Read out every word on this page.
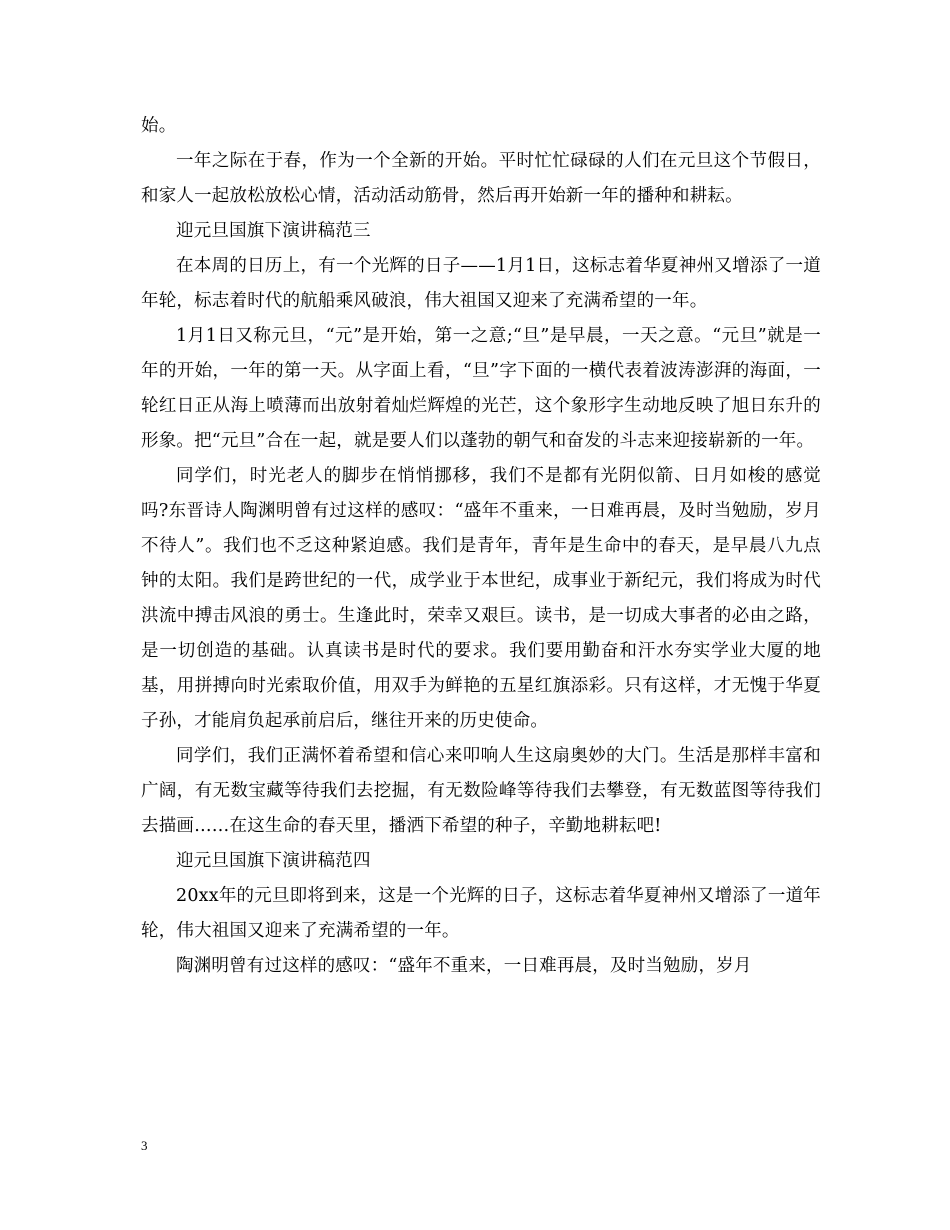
始。

一年之际在于春，作为一个全新的开始。平时忙忙碌碌的人们在元旦这个节假日，和家人一起放松放松心情，活动活动筋骨，然后再开始新一年的播种和耕耘。

迎元旦国旗下演讲稿范三

在本周的日历上，有一个光辉的日子——1月1日，这标志着华夏神州又增添了一道年轮，标志着时代的航船乘风破浪，伟大祖国又迎来了充满希望的一年。

1月1日又称元旦，“元”是开始，第一之意;“旦”是早晨，一天之意。“元旦”就是一年的开始，一年的第一天。从字面上看，“旦”字下面的一横代表着波涛澎湃的海面，一轮红日正从海上喷薄而出放射着灿烂辉煌的光芒，这个象形字生动地反映了旭日东升的形象。把“元旦”合在一起，就是要人们以蓬勃的朝气和奋发的斗志来迎接崭新的一年。

同学们，时光老人的脚步在悄悄挪移，我们不是都有光阴似箭、日月如梭的感觉吗?东晋诗人陶渊明曾有过这样的感叹：“盛年不重来，一日难再晨，及时当勉励，岁月不待人”。我们也不乏这种紧迫感。我们是青年，青年是生命中的春天，是早晨八九点钟的太阳。我们是跨世纪的一代，成学业于本世纪，成事业于新纪元，我们将成为时代洪流中搏击风浪的勇士。生逢此时，荣幸又艰巨。读书，是一切成大事者的必由之路，是一切创造的基础。认真读书是时代的要求。我们要用勤奋和汗水夯实学业大厦的地基，用拼搏向时光索取价值，用双手为鲜艳的五星红旗添彩。只有这样，才无愧于华夏子孙，才能肩负起承前启后，继往开来的历史使命。

同学们，我们正满怀着希望和信心来叩响人生这扇奥妙的大门。生活是那样丰富和广阔，有无数宝藏等待我们去挖掘，有无数险峰等待我们去攀登，有无数蓝图等待我们去描画……在这生命的春天里，播洒下希望的种子，辛勤地耕耘吧!

迎元旦国旗下演讲稿范四

20xx年的元旦即将到来，这是一个光辉的日子，这标志着华夏神州又增添了一道年轮，伟大祖国又迎来了充满希望的一年。

陶渊明曾有过这样的感叹：“盛年不重来，一日难再晨，及时当勉励，岁月

3
